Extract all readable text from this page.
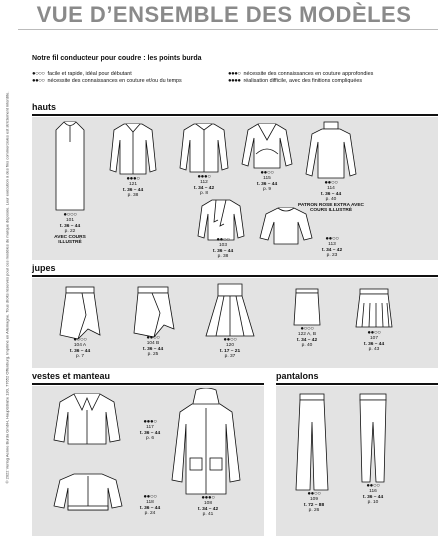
© 2022 Verlag Aenne Burda GmbH, Hauptstraße 130, 77652 Offenburg. Imprimé en Allemagne. Tous droits réservés pour ces modèles de marque déposée. Leur exécution à des fins commerciales est strictement interdite.
VUE D’ENSEMBLE DES MODÈLES
Notre fil conducteur pour coudre : les points burda
●○○○ facile et rapide, idéal pour débutant
●●○○ nécessite des connaissances en couture et/ou du temps
●●●○ nécessite des connaissances en couture approfondies
●●●● réalisation difficile, avec des finitions compliquées
hauts
●○○○
101
t. 36 – 44
p. 22
AVEC COURS ILLUSTRÉ
●●●○
121
t. 36 – 44
p. 38
●●●○
112
t. 34 – 42
p. 8
●●○○
115
t. 36 – 44
p. 9
●●○○
114
t. 36 – 44
p. 40
PATRON ROSE EXTRA AVEC COURS ILLUSTRÉ
●●○○
103
t. 36 – 44
p. 38
●●○○
113
t. 34 – 42
p. 23
jupes
●○○○
104 A
t. 36 – 44
p. 7
●●○○
104 B
t. 36 – 44
p. 25
●●○○
120
t. 17 – 21
p. 37
●○○○
122 A, B
t. 34 – 42
p. 40
●●○○
107
t. 36 – 44
p. 43
vestes et manteau
●●●○
117
t. 36 – 44
p. 6
●●○○
118
t. 36 – 44
p. 24
●●●○
108
t. 34 – 42
p. 41
pantalons
●●○○
109
t. 72 – 88
p. 26
●●○○
116
t. 36 – 44
p. 10
